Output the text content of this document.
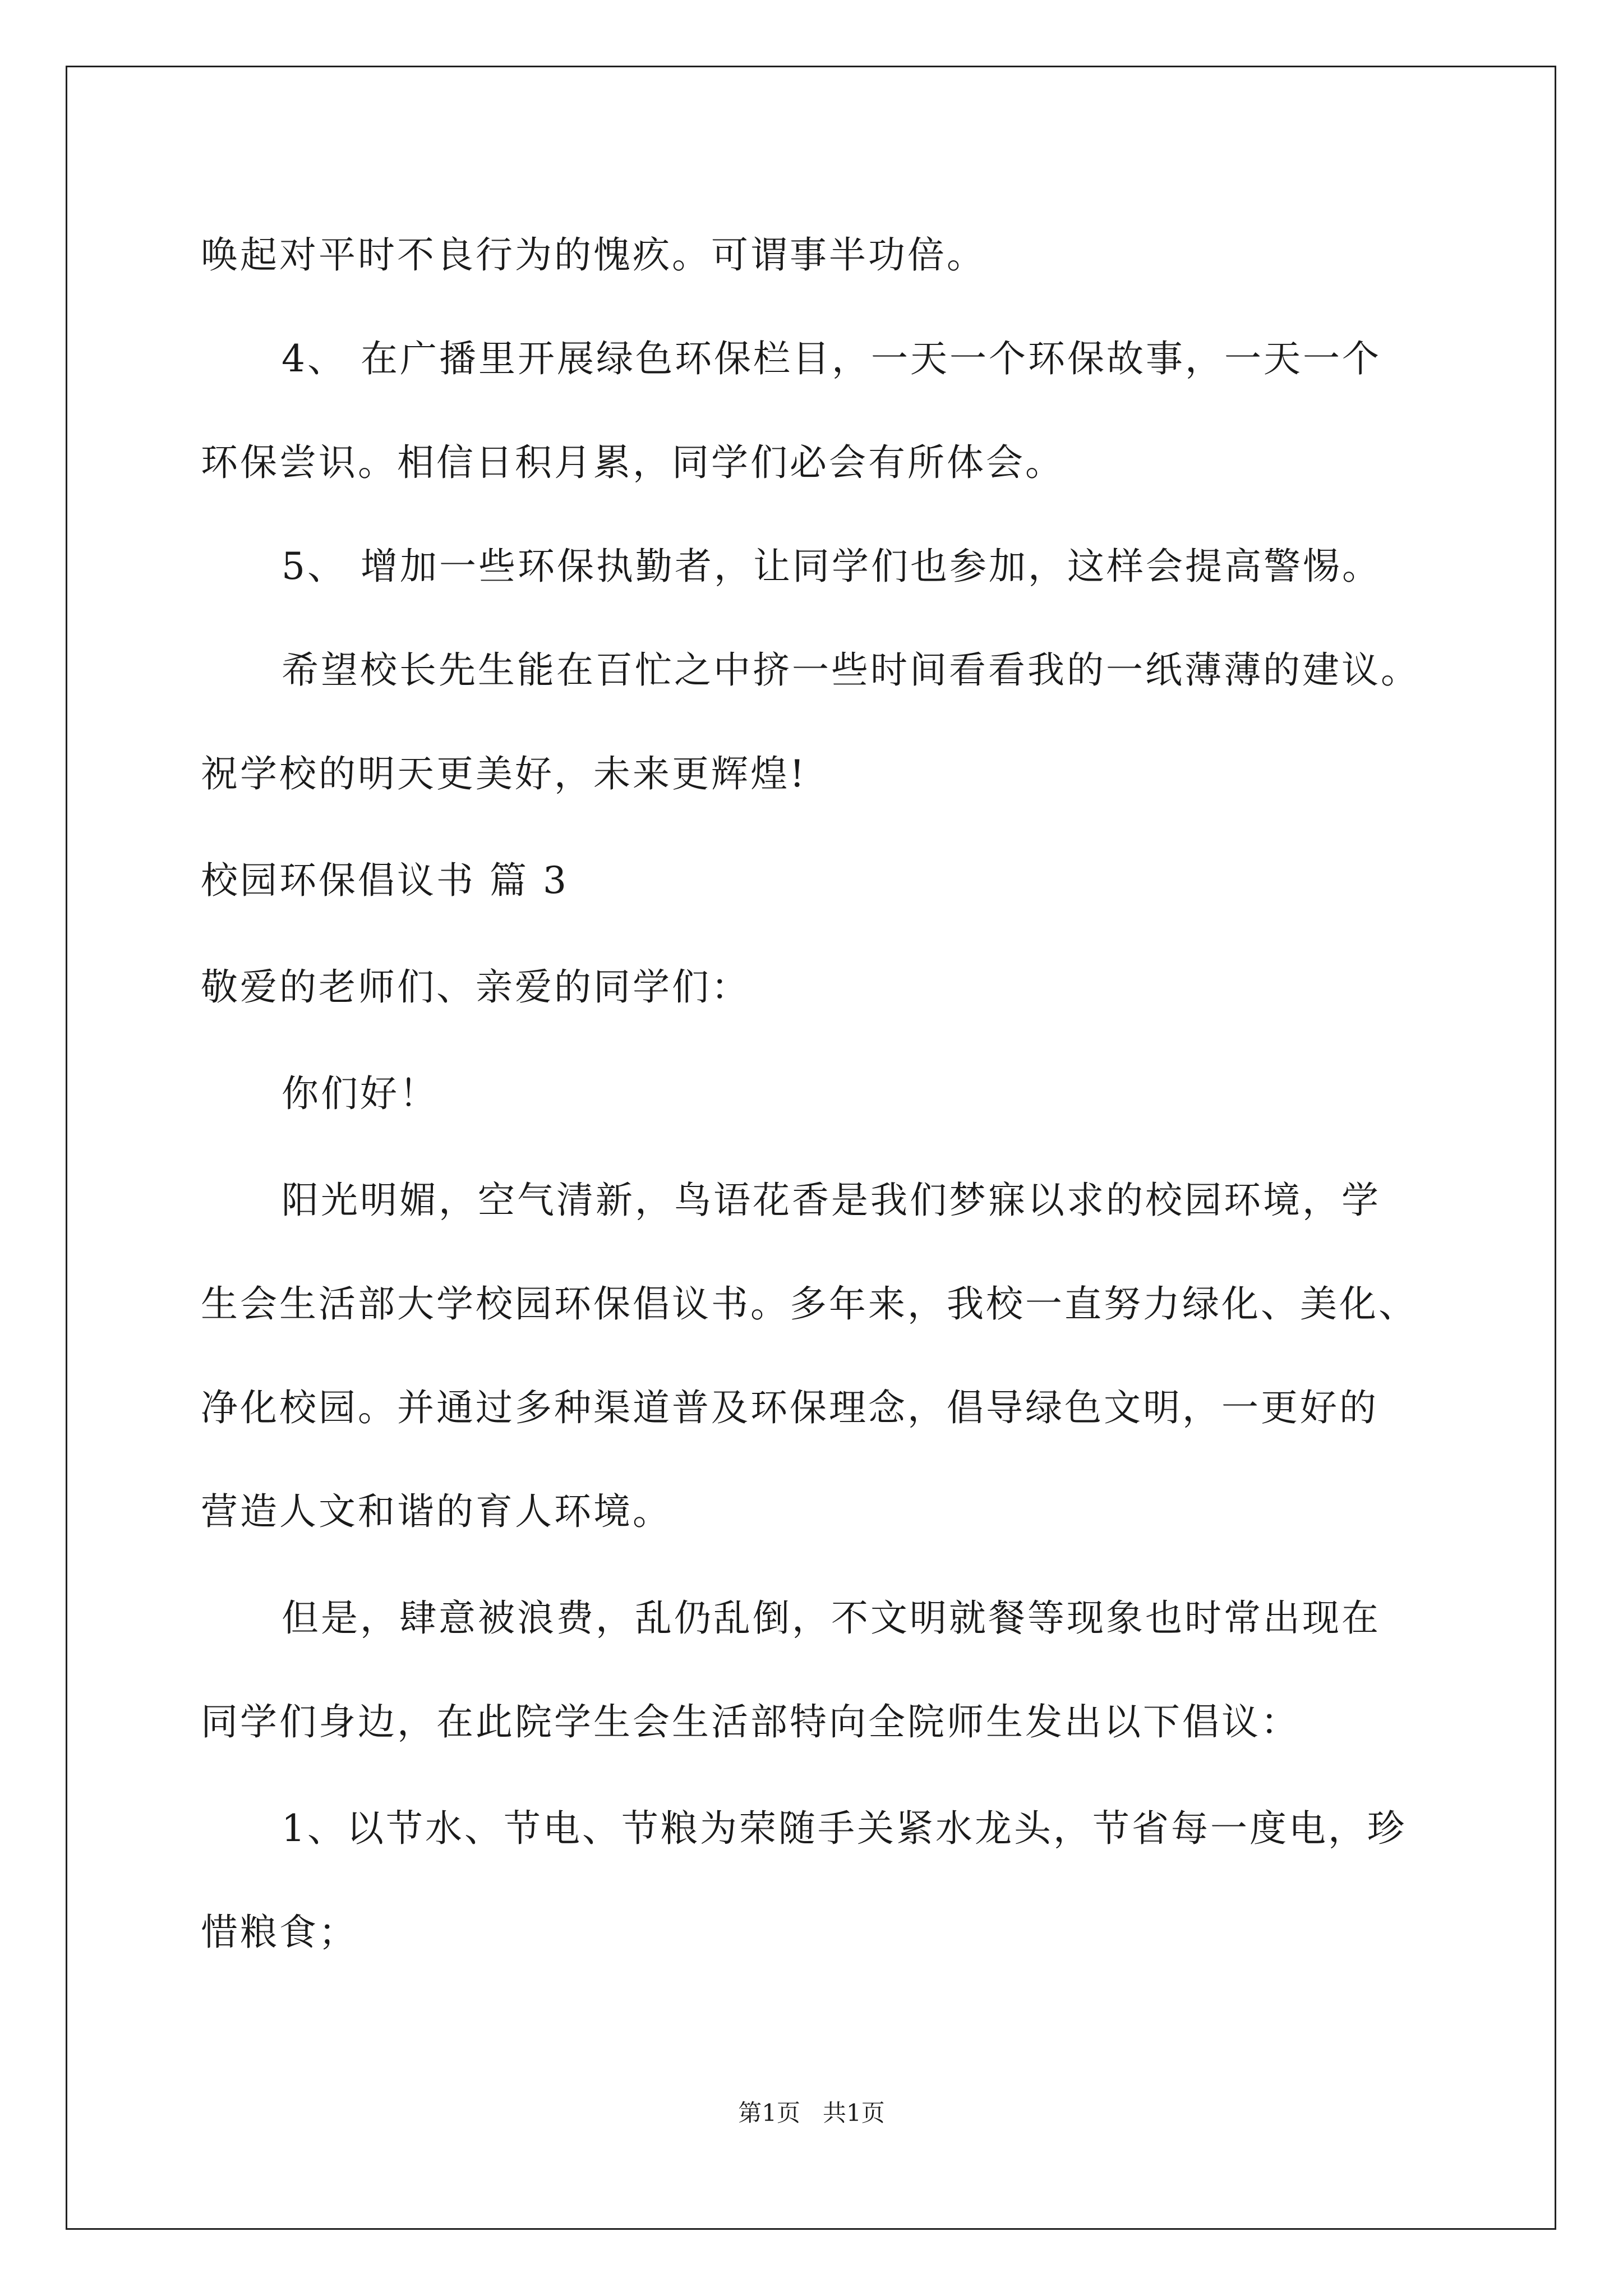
唤起对平时不良行为的愧疚。可谓事半功倍。
4、 在广播里开展绿色环保栏目，一天一个环保故事，一天一个
环保尝识。相信日积月累，同学们必会有所体会。
5、 增加一些环保执勤者，让同学们也参加，这样会提高警惕。
希望校长先生能在百忙之中挤一些时间看看我的一纸薄薄的建议。
祝学校的明天更美好，未来更辉煌!
校园环保倡议书 篇 3
敬爱的老师们、亲爱的同学们：
你们好！
阳光明媚，空气清新，鸟语花香是我们梦寐以求的校园环境，学
生会生活部大学校园环保倡议书。多年来，我校一直努力绿化、美化、
净化校园。并通过多种渠道普及环保理念，倡导绿色文明，一更好的
营造人文和谐的育人环境。
但是，肆意被浪费，乱仍乱倒，不文明就餐等现象也时常出现在
同学们身边，在此院学生会生活部特向全院师生发出以下倡议：
1、以节水、节电、节粮为荣随手关紧水龙头，节省每一度电，珍
惜粮食；
第1页   共1页
